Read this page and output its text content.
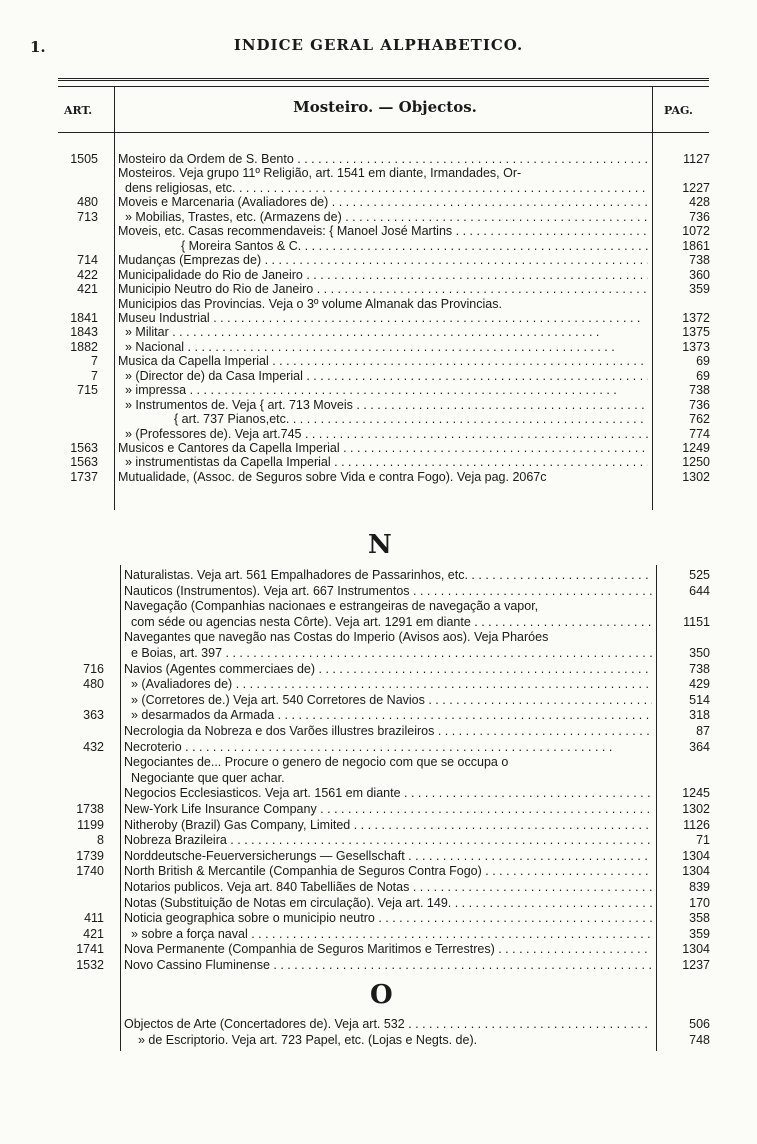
1.	INDICE GERAL ALPHABETICO.
ART.	Mosteiro. — Objectos.	PAG.
N
O
1505 Mosteiro da Ordem de S. Bento . . .	1127
Mosteiros. Veja grupo 11º Religião, art. 1541 em diante, Irmandades, Or-
dens religiosas, etc. . . .	1227
480 Moveis e Marcenaria (Avaliadores de) . . .	428
713 » Mobilias, Trastes, etc. (Armazens de) . . .	736
Moveis, etc. Casas recommendaveis: { Manoel José Martins . . .	1072
{ Moreira Santos & C. . . .	1861
714 Mudanças (Emprezas de) . . .	738
422 Municipalidade do Rio de Janeiro . . .	360
421 Municipio Neutro do Rio de Janeiro . . .	359
Municipios das Provincias. Veja o 3º volume Almanak das Provincias.
1841 Museu Industrial . . .	1372
1843 » Militar . . .	1375
1882 » Nacional . . .	1373
7 Musica da Capella Imperial . . .	69
7 » (Director de) da Casa Imperial . . .	69
715 » impressa . . .	738
» Instrumentos de. Veja { art. 713 Moveis . . .	736
{ art. 737 Pianos,etc. . . .	762
» (Professores de). Veja art.745 . . .	774
1563 Musicos e Cantores da Capella Imperial . . .	1249
1563 » instrumentistas da Capella Imperial . . .	1250
1737 Mutualidade, (Assoc. de Seguros sobre Vida e contra Fogo). Veja pag. 2067c	1302
Naturalistas. Veja art. 561 Empalhadores de Passarinhos, etc. . . .	525
Nauticos (Instrumentos). Veja art. 667 Instrumentos . . .	644
Navegação (Companhias nacionaes e estrangeiras de navegação a vapor,
com séde ou agencias nesta Côrte). Veja art. 1291 em diante . . .	1151
Navegantes que navegão nas Costas do Imperio (Avisos aos). Veja Pharóes
e Boias, art. 397 . . .	350
716 Navios (Agentes commerciaes de) . . .	738
480 » (Avaliadores de) . . .	429
» (Corretores de.) Veja art. 540 Corretores de Navios . . .	514
363 » desarmados da Armada . . .	318
Necrologia da Nobreza e dos Varões illustres brazileiros . . .	87
432 Necroterio . . .	364
Negociantes de... Procure o genero de negocio com que se occupa o
Negociante que quer achar.
Negocios Ecclesiasticos. Veja art. 1561 em diante . . .	1245
1738 New-York Life Insurance Company . . .	1302
1199 Nitheroby (Brazil) Gas Company, Limited . . .	1126
8 Nobreza Brazileira . . .	71
1739 Norddeutsche-Feuerversicherungs — Gesellschaft . . .	1304
1740 North British & Mercantile (Companhia de Seguros Contra Fogo) . . .	1304
Notarios publicos. Veja art. 840 Tabelliães de Notas . . .	839
Notas (Substituição de Notas em circulação). Veja art. 149. . . .	170
411 Noticia geographica sobre o municipio neutro . . .	358
421 » sobre a força naval . . .	359
1741 Nova Permanente (Companhia de Seguros Maritimos e Terrestres) . . .	1304
1532 Novo Cassino Fluminense . . .	1237
Objectos de Arte (Concertadores de). Veja art. 532 . . .	506
» de Escriptorio. Veja art. 723 Papel, etc. (Lojas e Negts. de).	748
